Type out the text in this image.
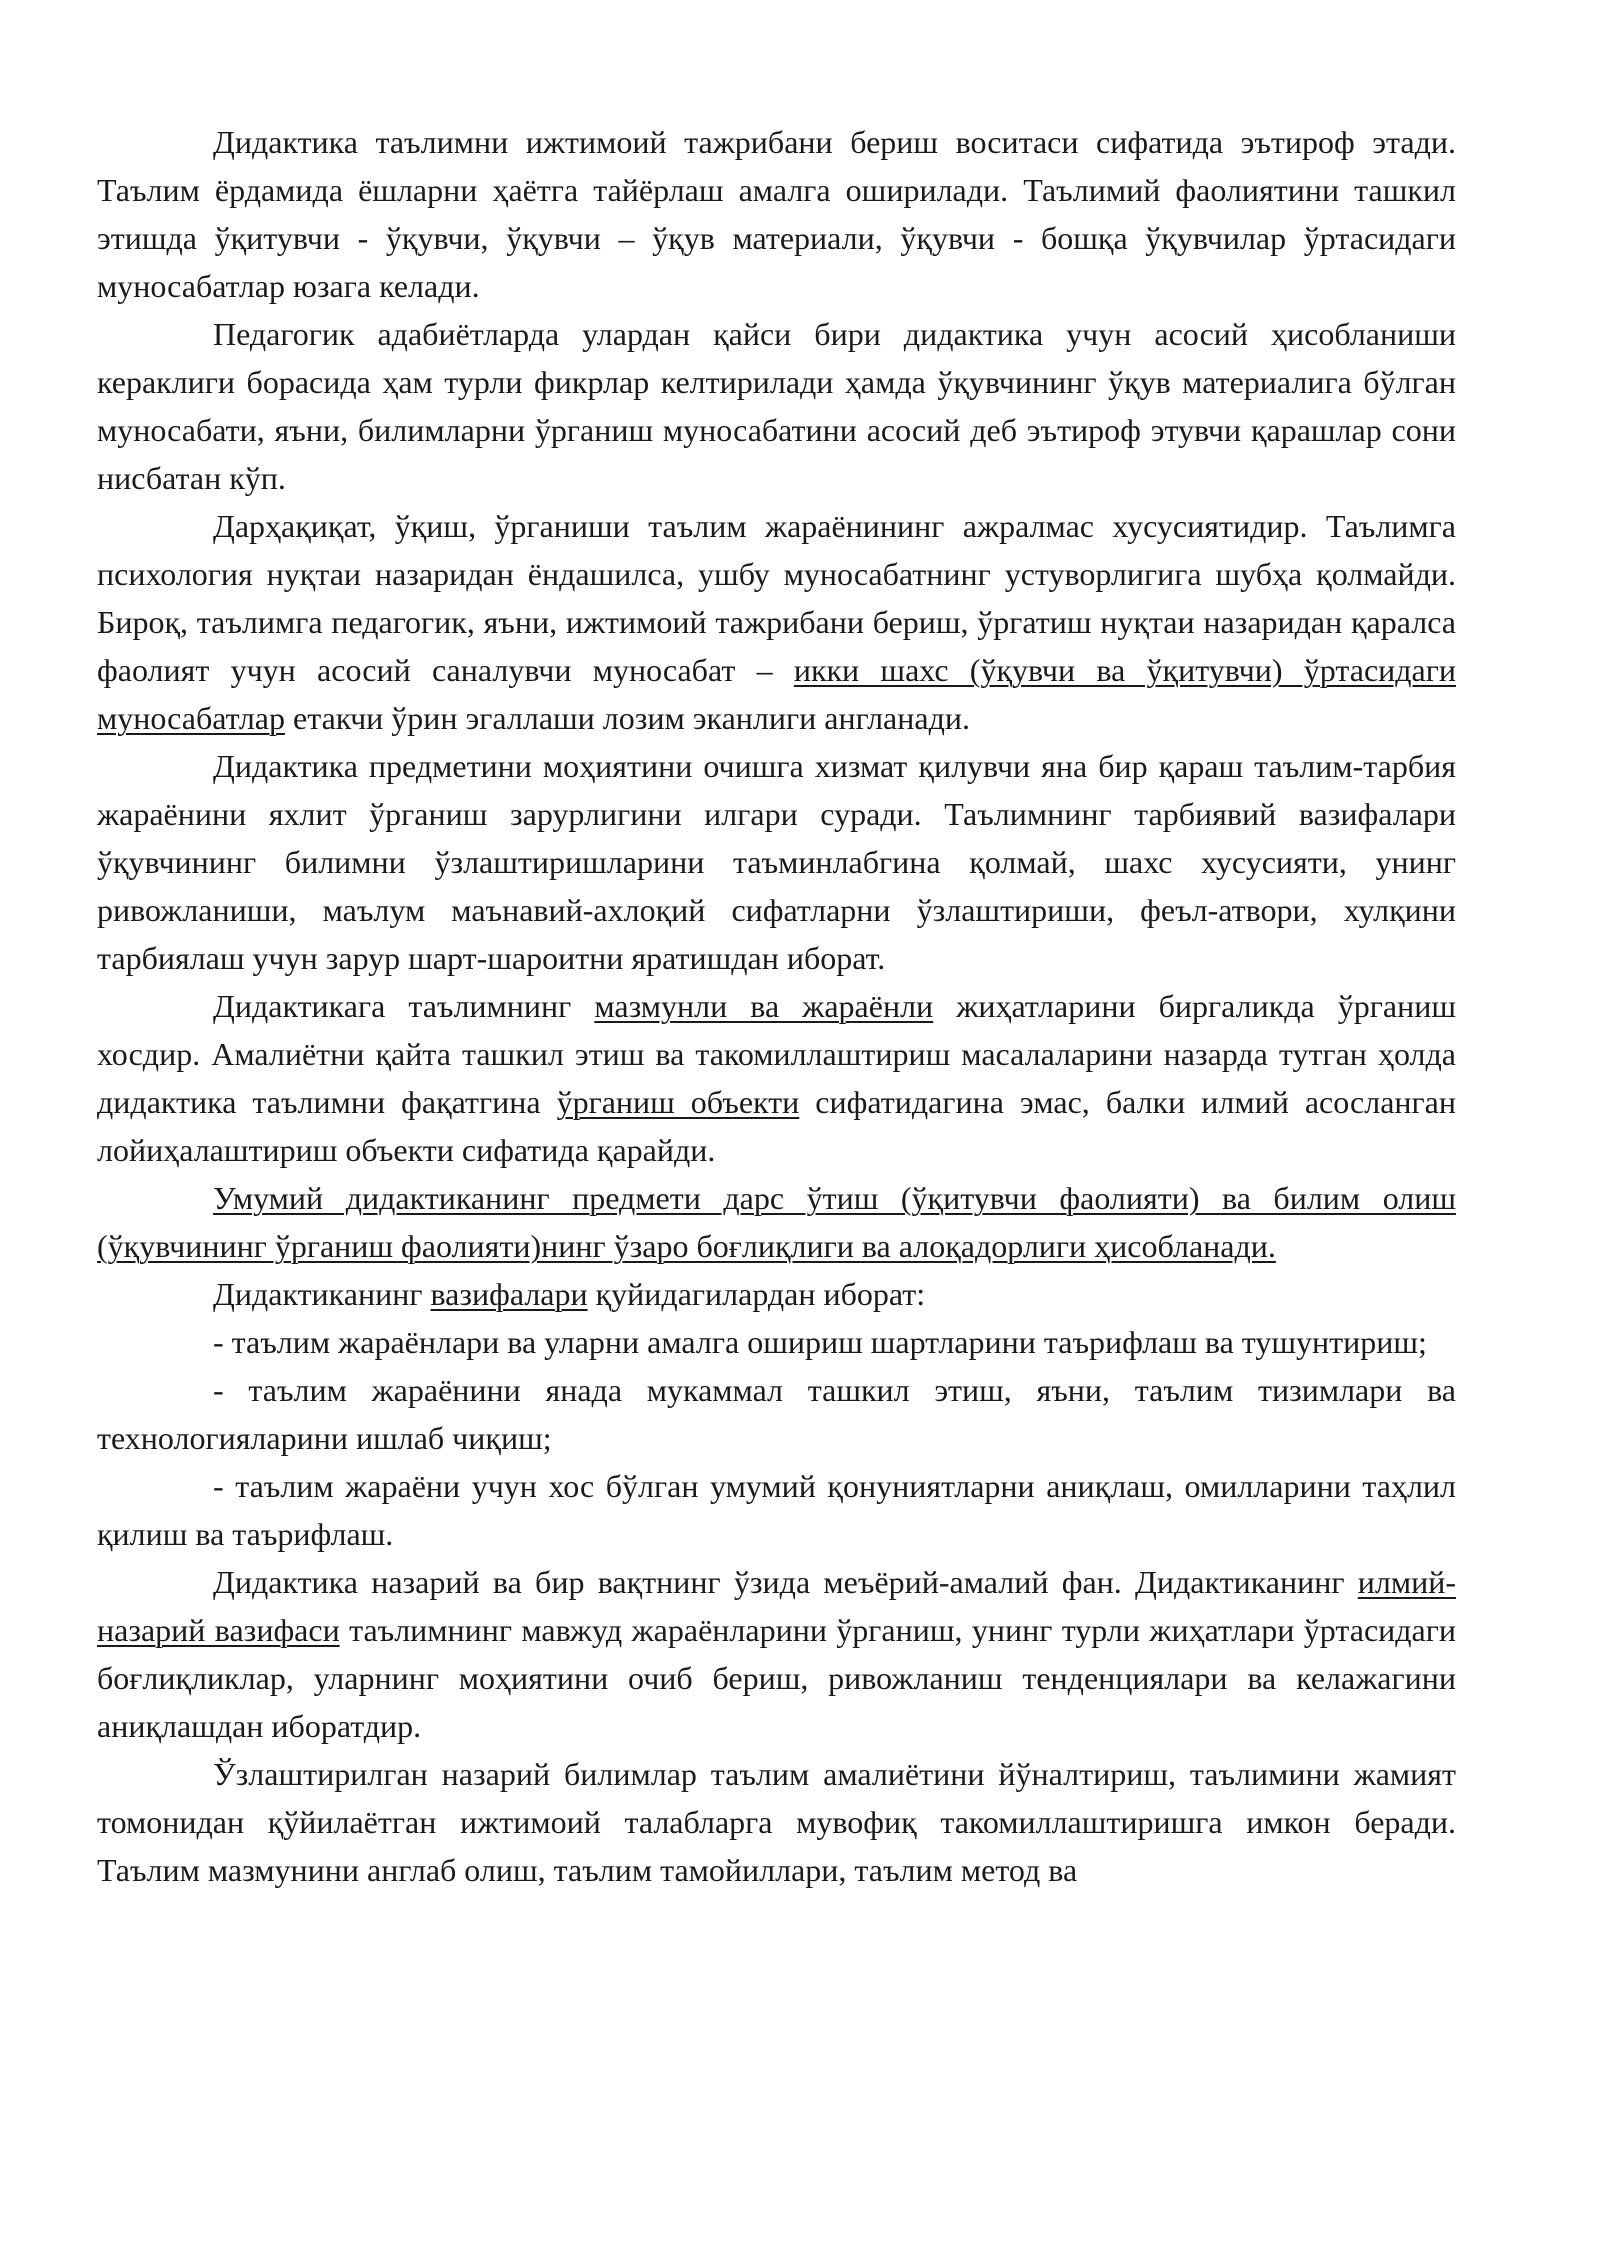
Дидактика таълимни ижтимоий тажрибани бериш воситаси сифатида эътироф этади. Таълим ёрдамида ёшларни ҳаётга тайёрлаш амалга оширилади. Таълимий фаолиятини ташкил этишда ўқитувчи - ўқувчи, ўқувчи – ўқув материали, ўқувчи - бошқа ўқувчилар ўртасидаги муносабатлар юзага келади.

Педагогик адабиётларда улардан қайси бири дидактика учун асосий ҳисобланиши кераклиги борасида ҳам турли фикрлар келтирилади ҳамда ўқувчининг ўқув материалига бўлган муносабати, яъни, билимларни ўрганиш муносабатини асосий деб эътироф этувчи қарашлар сони нисбатан кўп.

Дарҳақиқат, ўқиш, ўрганиши таълим жараёнининг ажралмас хусусиятидир. Таълимга психология нуқтаи назаридан ёндашилса, ушбу муносабатнинг устуворлигига шубҳа қолмайди. Бироқ, таълимга педагогик, яъни, ижтимоий тажрибани бериш, ўргатиш нуқтаи назаридан қаралса фаолият учун асосий саналувчи муносабат – икки шахс (ўқувчи ва ўқитувчи) ўртасидаги муносабатлар етакчи ўрин эгаллаши лозим эканлиги англанади.

Дидактика предметини моҳиятини очишга хизмат қилувчи яна бир қараш таълим-тарбия жараёнини яхлит ўрганиш зарурлигини илгари суради. Таълимнинг тарбиявий вазифалари ўқувчининг билимни ўзлаштиришларини таъминлабгина қолмай, шахс хусусияти, унинг ривожланиши, маълум маънавий-ахлоқий сифатларни ўзлаштириши, феъл-атвори, хулқини тарбиялаш учун зарур шарт-шароитни яратишдан иборат.

Дидактикага таълимнинг мазмунли ва жараёнли жиҳатларини биргаликда ўрганиш хосдир. Амалиётни қайта ташкил этиш ва такомиллаштириш масалаларини назарда тутган ҳолда дидактика таълимни фақатгина ўрганиш объекти сифатидагина эмас, балки илмий асосланган лойиҳалаштириш объекти сифатида қарайди.

Умумий дидактиканинг предмети дарс ўтиш (ўқитувчи фаолияти) ва билим олиш (ўқувчининг ўрганиш фаолияти)нинг ўзаро боғлиқлиги ва алоқадорлиги ҳисобланади.

Дидактиканинг вазифалари қуйидагилардан иборат:

- таълим жараёнлари ва уларни амалга ошириш шартларини таърифлаш ва тушунтириш;

- таълим жараёнини янада мукаммал ташкил этиш, яъни, таълим тизимлари ва технологияларини ишлаб чиқиш;

- таълим жараёни учун хос бўлган умумий қонуниятларни аниқлаш, омилларини таҳлил қилиш ва таърифлаш.

Дидактика назарий ва бир вақтнинг ўзида меъёрий-амалий фан. Дидактиканинг илмий-назарий вазифаси таълимнинг мавжуд жараёнларини ўрганиш, унинг турли жиҳатлари ўртасидаги боғлиқликлар, уларнинг моҳиятини очиб бериш, ривожланиш тенденциялари ва келажагини аниқлашдан иборатдир.

Ўзлаштирилган назарий билимлар таълим амалиётини йўналтириш, таълимини жамият томонидан қўйилаётган ижтимоий талабларга мувофиқ такомиллаштиришга имкон беради. Таълим мазмунини англаб олиш, таълим тамойиллари, таълим метод ва
